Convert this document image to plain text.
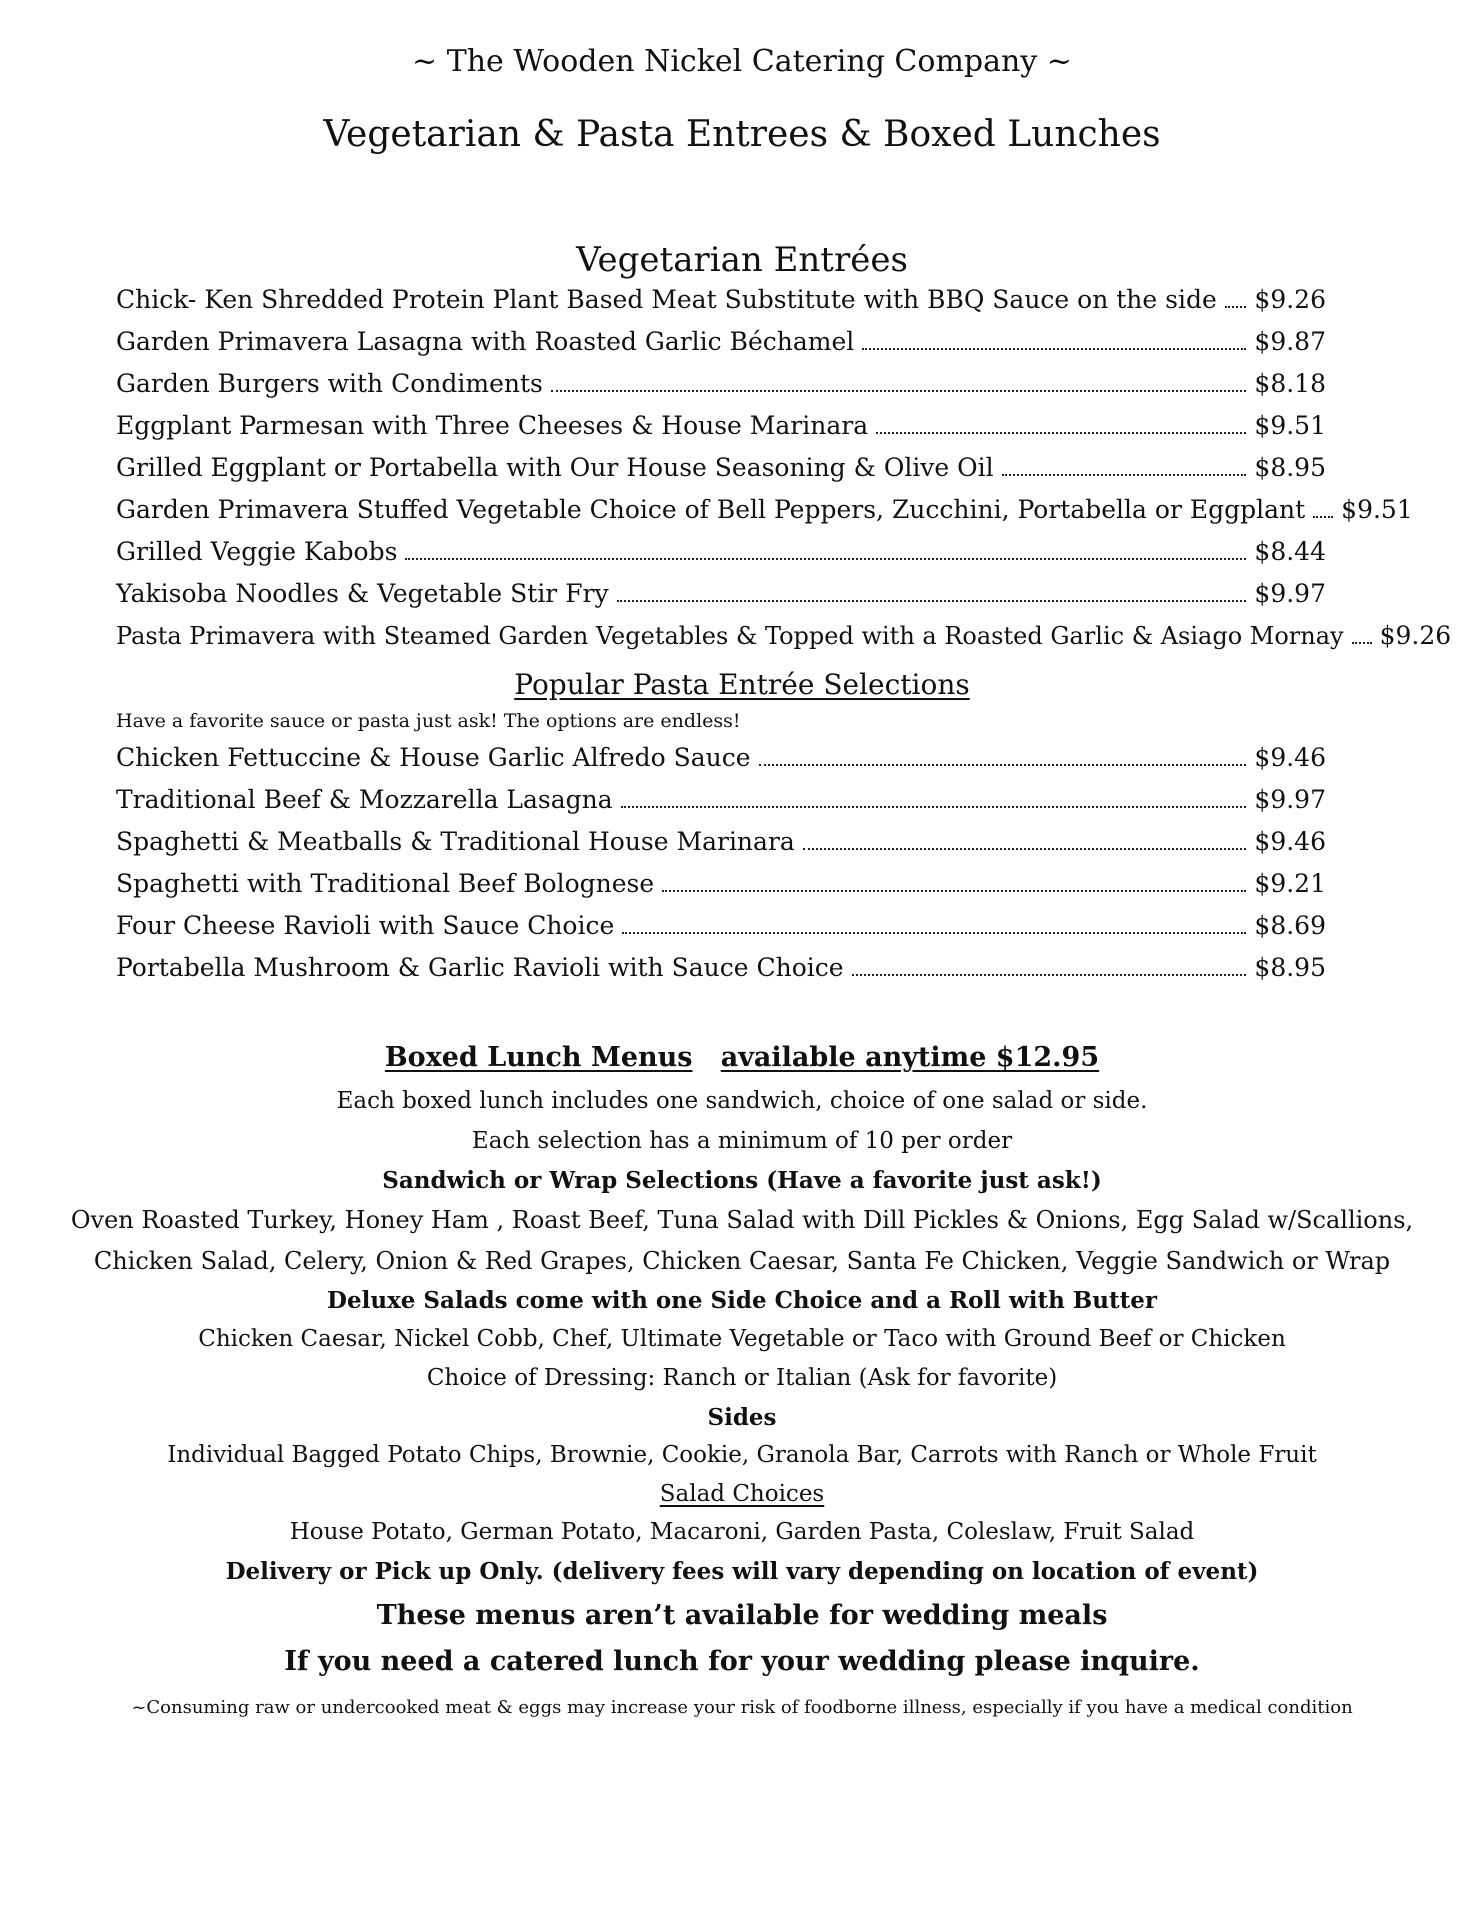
~ The Wooden Nickel Catering Company ~
Vegetarian & Pasta Entrees & Boxed Lunches
Vegetarian Entrées
Chick- Ken Shredded Protein Plant Based Meat Substitute with BBQ Sauce on the side $9.26
Garden Primavera Lasagna with Roasted Garlic Béchamel	$9.87
Garden Burgers with Condiments	$8.18
Eggplant Parmesan with Three Cheeses & House Marinara	$9.51
Grilled Eggplant or Portabella with Our House Seasoning & Olive Oil	$8.95
Garden Primavera Stuffed Vegetable Choice of Bell Peppers, Zucchini, Portabella or Eggplant $9.51
Grilled Veggie Kabobs	$8.44
Yakisoba Noodles & Vegetable Stir Fry	$9.97
Pasta Primavera with Steamed Garden Vegetables & Topped with a Roasted Garlic & Asiago Mornay $9.26
Popular Pasta Entrée Selections
Have a favorite sauce or pasta just ask! The options are endless!
Chicken Fettuccine & House Garlic Alfredo Sauce	$9.46
Traditional Beef & Mozzarella Lasagna	$9.97
Spaghetti & Meatballs & Traditional House Marinara	$9.46
Spaghetti with Traditional Beef Bolognese	$9.21
Four Cheese Ravioli with Sauce Choice	$8.69
Portabella Mushroom & Garlic Ravioli with Sauce Choice	$8.95
Boxed Lunch Menus available anytime $12.95
Each boxed lunch includes one sandwich, choice of one salad or side.
Each selection has a minimum of 10 per order
Sandwich or Wrap Selections (Have a favorite just ask!)
Oven Roasted Turkey, Honey Ham , Roast Beef, Tuna Salad with Dill Pickles & Onions, Egg Salad w/Scallions,
Chicken Salad, Celery, Onion & Red Grapes, Chicken Caesar, Santa Fe Chicken, Veggie Sandwich or Wrap
Deluxe Salads come with one Side Choice and a Roll with Butter
Chicken Caesar, Nickel Cobb, Chef, Ultimate Vegetable or Taco with Ground Beef or Chicken
Choice of Dressing: Ranch or Italian (Ask for favorite)
Sides
Individual Bagged Potato Chips, Brownie, Cookie, Granola Bar, Carrots with Ranch or Whole Fruit
Salad Choices
House Potato, German Potato, Macaroni, Garden Pasta, Coleslaw, Fruit Salad
Delivery or Pick up Only. (delivery fees will vary depending on location of event)
These menus aren’t available for wedding meals
If you need a catered lunch for your wedding please inquire.
~Consuming raw or undercooked meat & eggs may increase your risk of foodborne illness, especially if you have a medical condition
